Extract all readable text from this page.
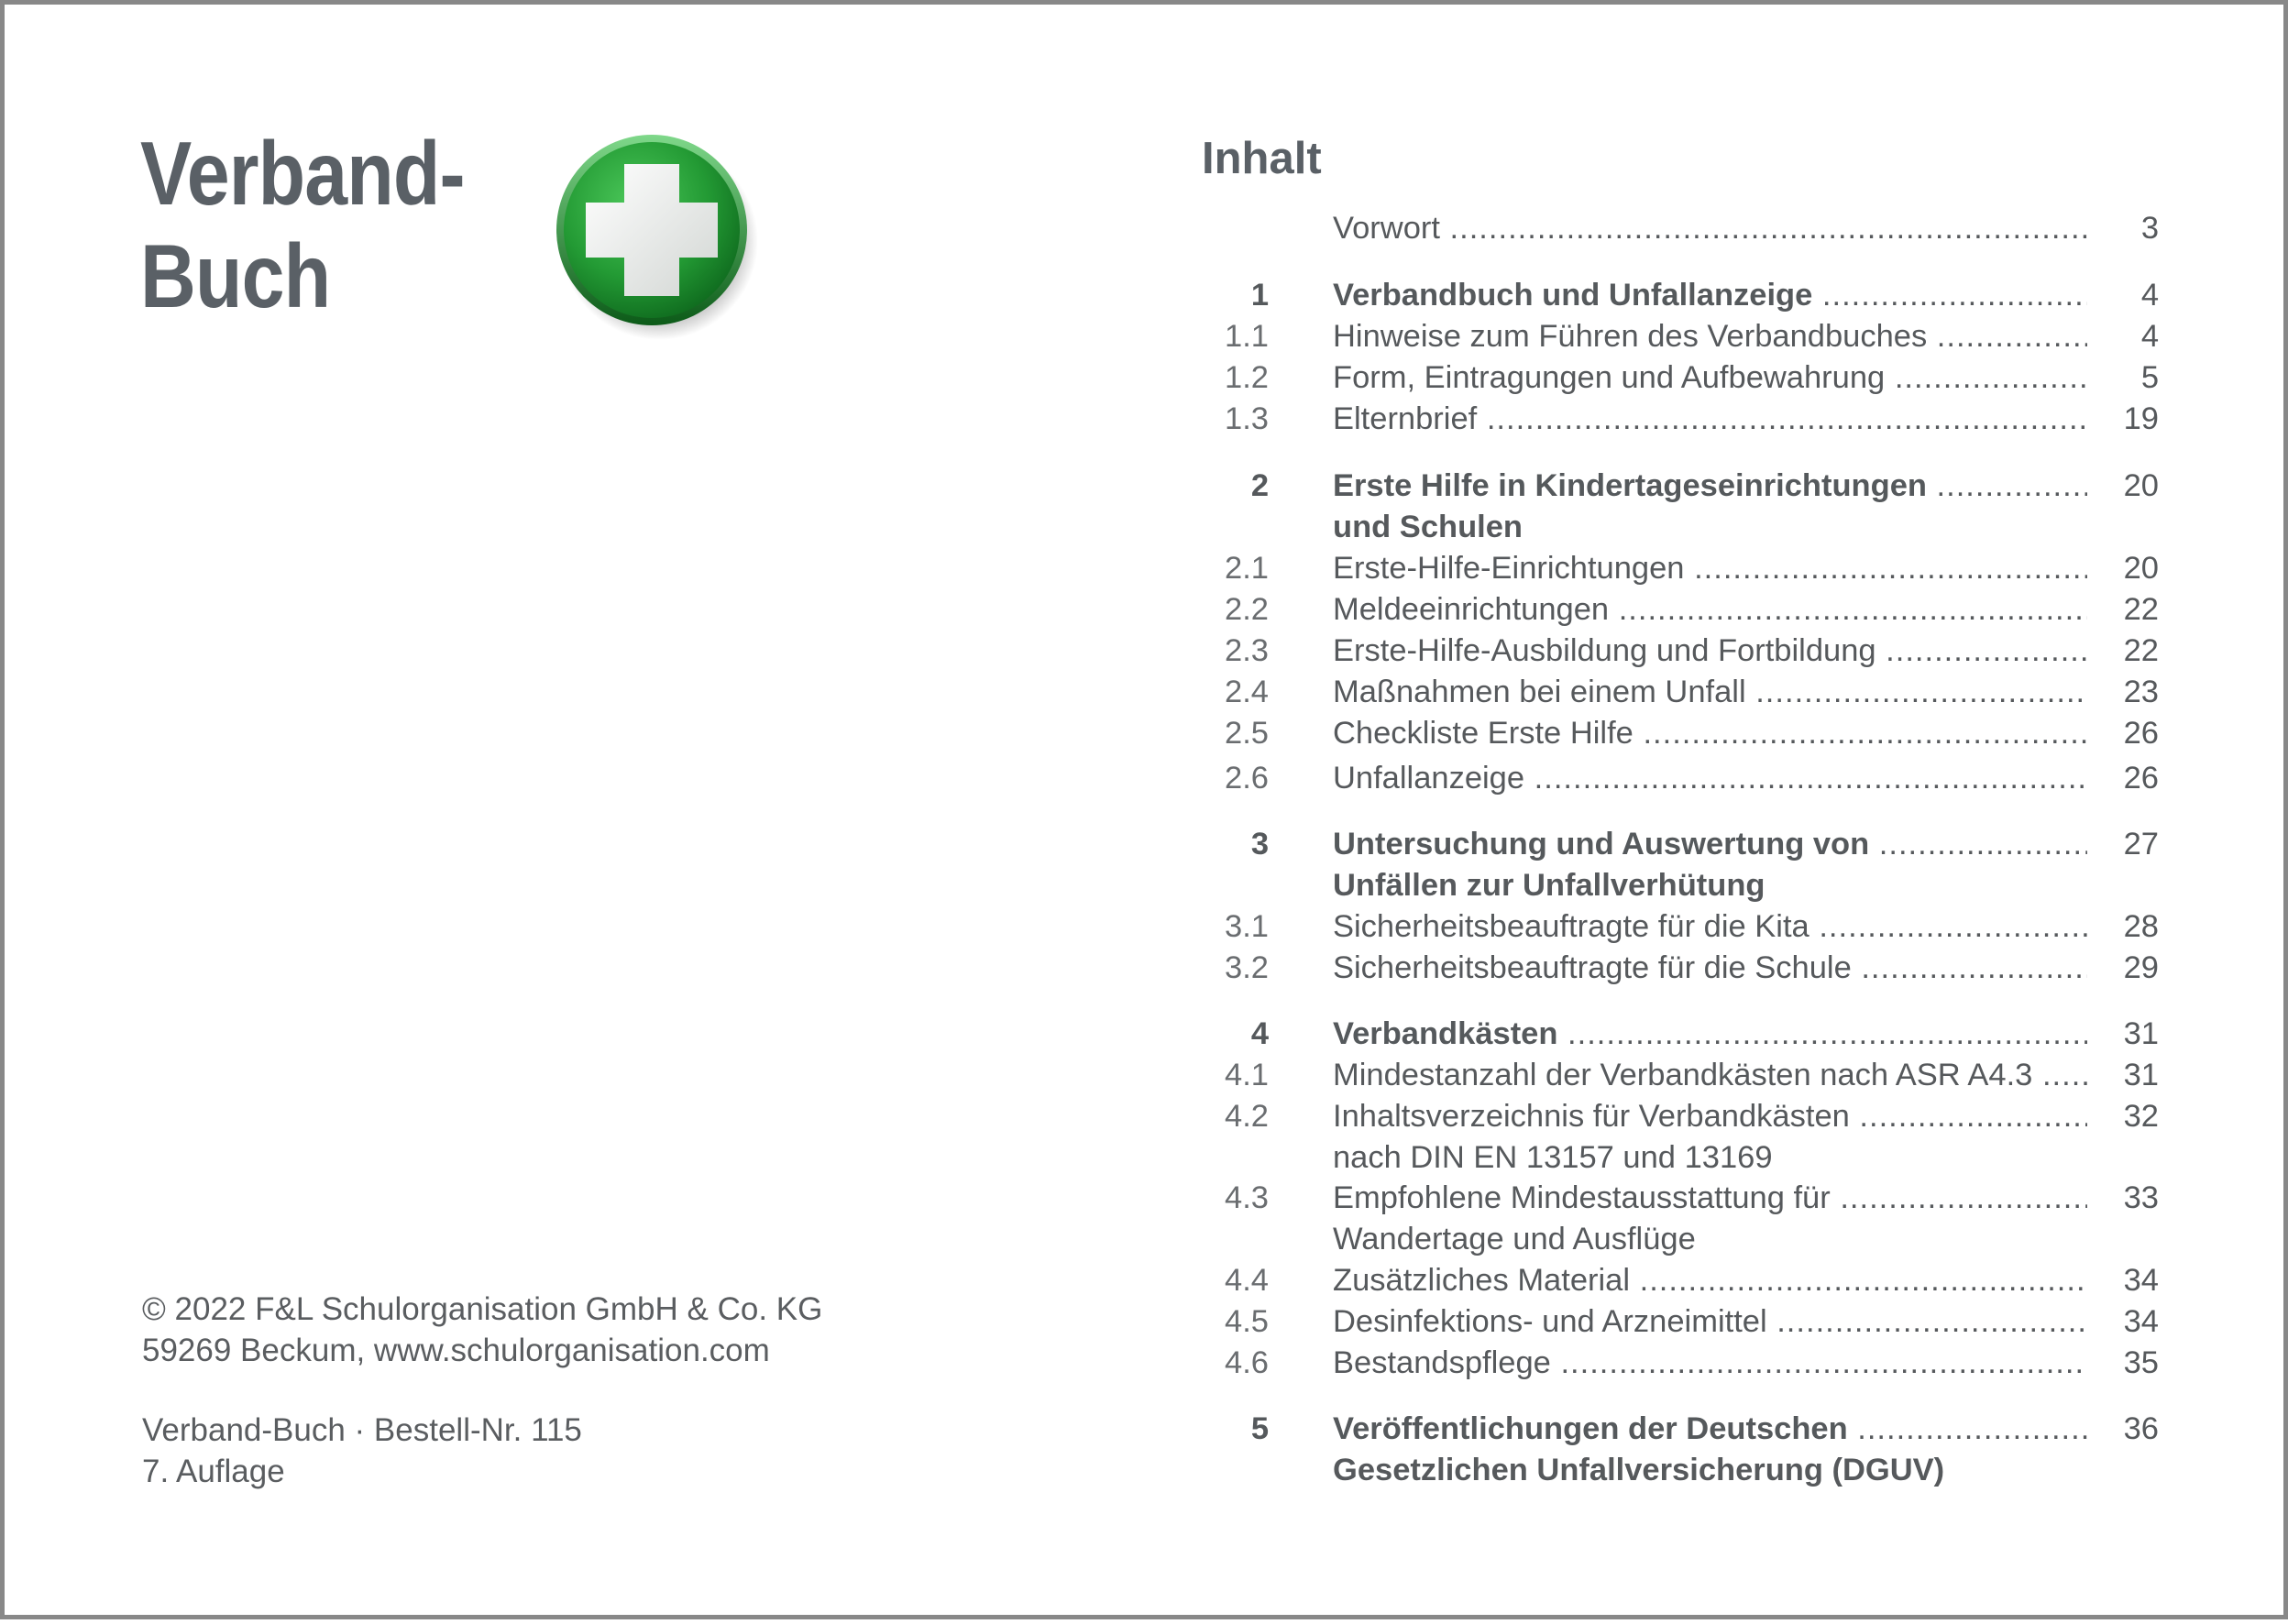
Verband-
Buch
© 2022 F&L Schulorganisation GmbH & Co. KG
59269 Beckum, www.schulorganisation.com
Verband-Buch · Bestell-Nr. 115
7. Auflage
Inhalt
Vorwort .....	3
1 Verbandbuch und Unfallanzeige .....	4
1.1 Hinweise zum Führen des Verbandbuches .....	4
1.2 Form, Eintragungen und Aufbewahrung .....	5
1.3 Elternbrief .....	19
2 Erste Hilfe in Kindertageseinrichtungen .....	20
und Schulen
2.1 Erste-Hilfe-Einrichtungen .....	20
2.2 Meldeeinrichtungen .....	22
2.3 Erste-Hilfe-Ausbildung und Fortbildung .....	22
2.4 Maßnahmen bei einem Unfall .....	23
2.5 Checkliste Erste Hilfe .....	26
2.6 Unfallanzeige .....	26
3 Untersuchung und Auswertung von .....	27
Unfällen zur Unfallverhütung
3.1 Sicherheitsbeauftragte für die Kita .....	28
3.2 Sicherheitsbeauftragte für die Schule .....	29
4 Verbandkästen .....	31
4.1 Mindestanzahl der Verbandkästen nach ASR A4.3 .....	31
4.2 Inhaltsverzeichnis für Verbandkästen .....	32
nach DIN EN 13157 und 13169
4.3 Empfohlene Mindestausstattung für .....	33
Wandertage und Ausflüge
4.4 Zusätzliches Material .....	34
4.5 Desinfektions- und Arzneimittel .....	34
4.6 Bestandspflege .....	35
5 Veröffentlichungen der Deutschen .....	36
Gesetzlichen Unfallversicherung (DGUV)
